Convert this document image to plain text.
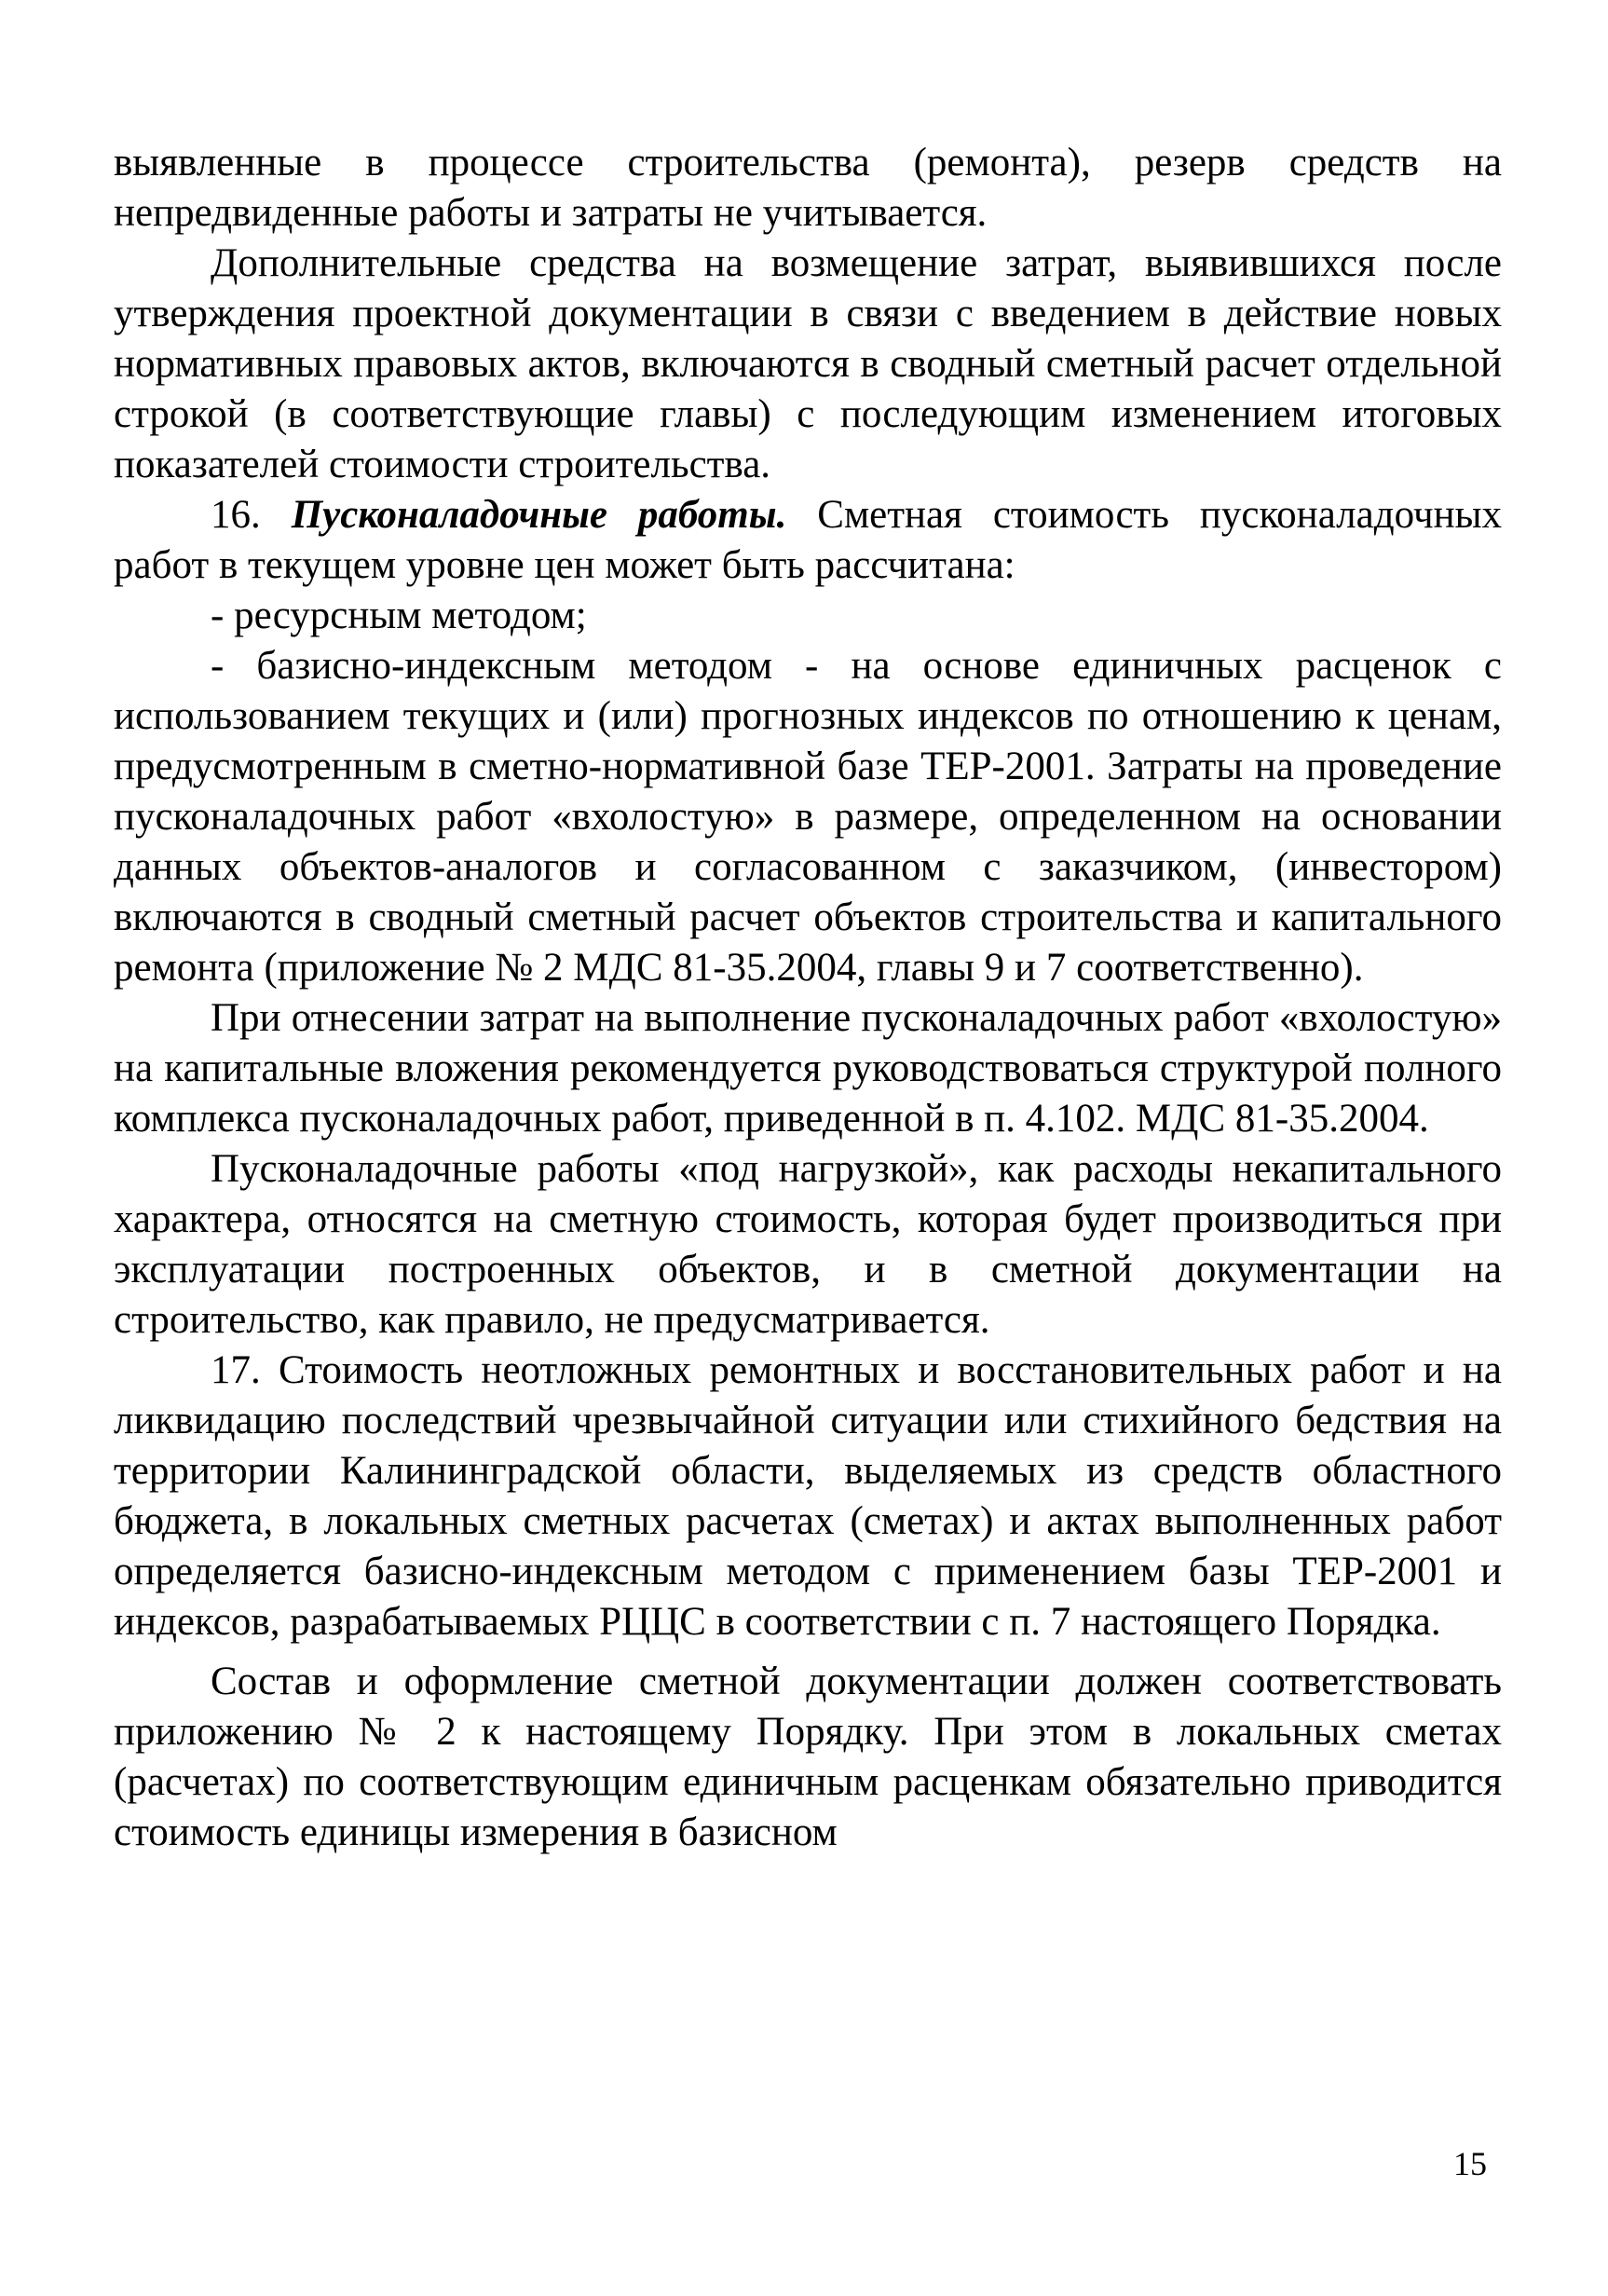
выявленные в процессе строительства (ремонта), резерв средств на непредвиденные работы и затраты не учитывается.

Дополнительные средства на возмещение затрат, выявившихся после утверждения проектной документации в связи с введением в действие новых нормативных правовых актов, включаются в сводный сметный расчет отдельной строкой (в соответствующие главы) с последующим изменением итоговых показателей стоимости строительства.

16. Пусконаладочные работы. Сметная стоимость пусконаладочных работ в текущем уровне цен может быть рассчитана:

- ресурсным методом;

- базисно-индексным методом - на основе единичных расценок с использованием текущих и (или) прогнозных индексов по отношению к ценам, предусмотренным в сметно-нормативной базе ТЕР-2001. Затраты на проведение пусконаладочных работ «вхолостую» в размере, определенном на основании данных объектов-аналогов и согласованном с заказчиком, (инвестором) включаются в сводный сметный расчет объектов строительства и капитального ремонта (приложение № 2 МДС 81-35.2004, главы 9 и 7 соответственно).

При отнесении затрат на выполнение пусконаладочных работ «вхолостую» на капитальные вложения рекомендуется руководствоваться структурой полного комплекса пусконаладочных работ, приведенной в п. 4.102. МДС 81-35.2004.

Пусконаладочные работы «под нагрузкой», как расходы некапитального характера, относятся на сметную стоимость, которая будет производиться при эксплуатации построенных объектов, и в сметной документации на строительство, как правило, не предусматривается.

17. Стоимость неотложных ремонтных и восстановительных работ и на ликвидацию последствий чрезвычайной ситуации или стихийного бедствия на территории Калининградской области, выделяемых из средств областного бюджета, в локальных сметных расчетах (сметах) и актах выполненных работ определяется базисно-индексным методом с применением базы ТЕР-2001 и индексов, разрабатываемых РЦЦС в соответствии с п. 7 настоящего Порядка.

Состав и оформление сметной документации должен соответствовать приложению № 2 к настоящему Порядку. При этом в локальных сметах (расчетах) по соответствующим единичным расценкам обязательно приводится стоимость единицы измерения в базисном

15
